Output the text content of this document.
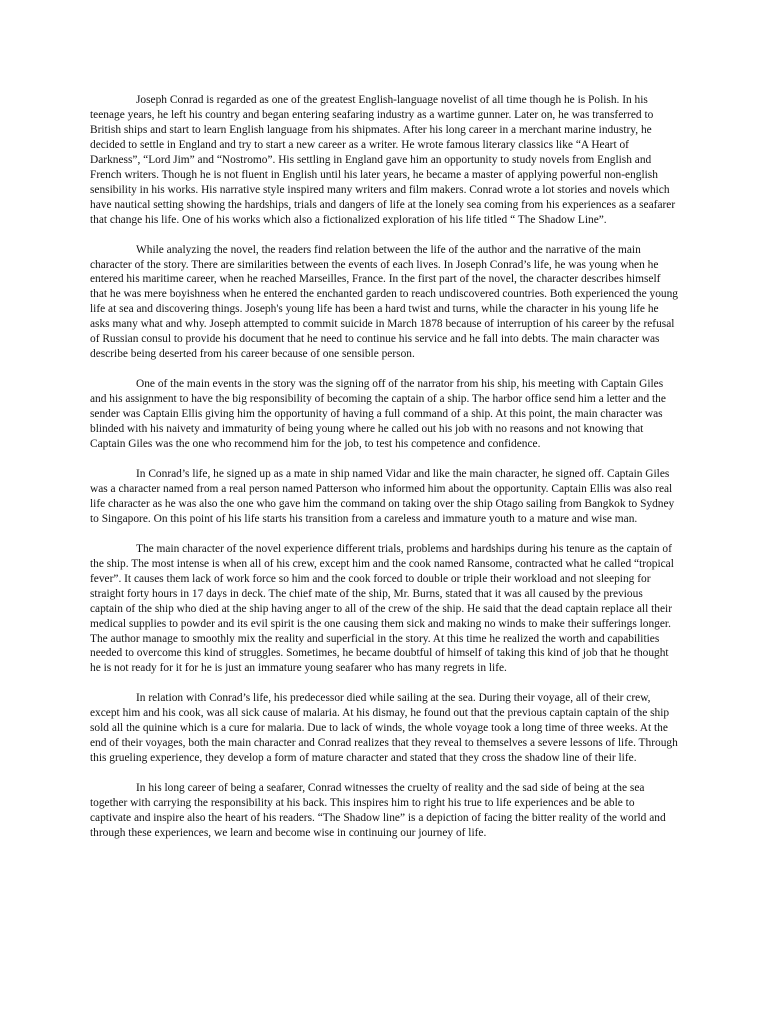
Joseph Conrad is regarded as one of the greatest English-language novelist of all time though he is Polish. In his teenage years, he left his country and began entering seafaring industry as a wartime gunner. Later on, he was transferred to British ships and start to learn English language from his shipmates. After his long career in a merchant marine industry, he decided to settle in England and try to start a new career as a writer. He wrote famous literary classics like “A Heart of Darkness”, “Lord Jim” and “Nostromo”. His settling in England gave him an opportunity to study novels from English and French writers. Though he is not fluent in English until his later years, he became a master of applying powerful non-english sensibility in his works. His narrative style inspired many writers and film makers. Conrad wrote a lot stories and novels which have nautical setting showing the hardships, trials and dangers of life at the lonely sea coming from his experiences as a seafarer that change his life. One of his works which also a fictionalized exploration of his life titled “ The Shadow Line”.

While analyzing the novel, the readers find relation between the life of the author and the narrative of the main character of the story. There are similarities between the events of each lives. In Joseph Conrad’s life, he was young when he entered his maritime career, when he reached Marseilles, France. In the first part of the novel, the character describes himself that he was mere boyishness when he entered the enchanted garden to reach undiscovered countries. Both experienced the young life at sea and discovering things. Joseph's young life has been a hard twist and turns, while the character in his young life he asks many what and why. Joseph attempted to commit suicide in March 1878 because of interruption of his career by the refusal of Russian consul to provide his document that he need to continue his service and he fall into debts. The main character was describe being deserted from his career because of one sensible person.

One of the main events in the story was the signing off of the narrator from his ship, his meeting with Captain Giles and his assignment to have the big responsibility of becoming the captain of a ship. The harbor office send him a letter and the sender was Captain Ellis giving him the opportunity of having a full command of a ship. At this point, the main character was blinded with his naivety and immaturity of being young where he called out his job with no reasons and not knowing that Captain Giles was the one who recommend him for the job, to test his competence and confidence.

In Conrad’s life, he signed up as a mate in ship named Vidar and like the main character, he signed off. Captain Giles was a character named from a real person named Patterson who informed him about the opportunity. Captain Ellis was also real life character as he was also the one who gave him the command on taking over the ship Otago sailing from Bangkok to Sydney to Singapore. On this point of his life starts his transition from a careless and immature youth to a mature and wise man.

The main character of the novel experience different trials, problems and hardships during his tenure as the captain of the ship. The most intense is when all of his crew, except him and the cook named Ransome, contracted what he called “tropical fever”. It causes them lack of work force so him and the cook forced to double or triple their workload and not sleeping for straight forty hours in 17 days in deck. The chief mate of the ship, Mr. Burns, stated that it was all caused by the previous captain of the ship who died at the ship having anger to all of the crew of the ship. He said that the dead captain replace all their medical supplies to powder and its evil spirit is the one causing them sick and making no winds to make their sufferings longer. The author manage to smoothly mix the reality and superficial in the story. At this time he realized the worth and capabilities needed to overcome this kind of struggles. Sometimes, he became doubtful of himself of taking this kind of job that he thought he is not ready for it for he is just an immature young seafarer who has many regrets in life.

In relation with Conrad’s life, his predecessor died while sailing at the sea. During their voyage, all of their crew, except him and his cook, was all sick cause of malaria. At his dismay, he found out that the previous captain captain of the ship sold all the quinine which is a cure for malaria. Due to lack of winds, the whole voyage took a long time of three weeks. At the end of their voyages, both the main character and Conrad realizes that they reveal to themselves a severe lessons of life. Through this grueling experience, they develop a form of mature character and stated that they cross the shadow line of their life.

In his long career of being a seafarer, Conrad witnesses the cruelty of reality and the sad side of being at the sea together with carrying the responsibility at his back. This inspires him to right his true to life experiences and be able to captivate and inspire also the heart of his readers. “The Shadow line” is a depiction of facing the bitter reality of the world and through these experiences, we learn and become wise in continuing our journey of life.
